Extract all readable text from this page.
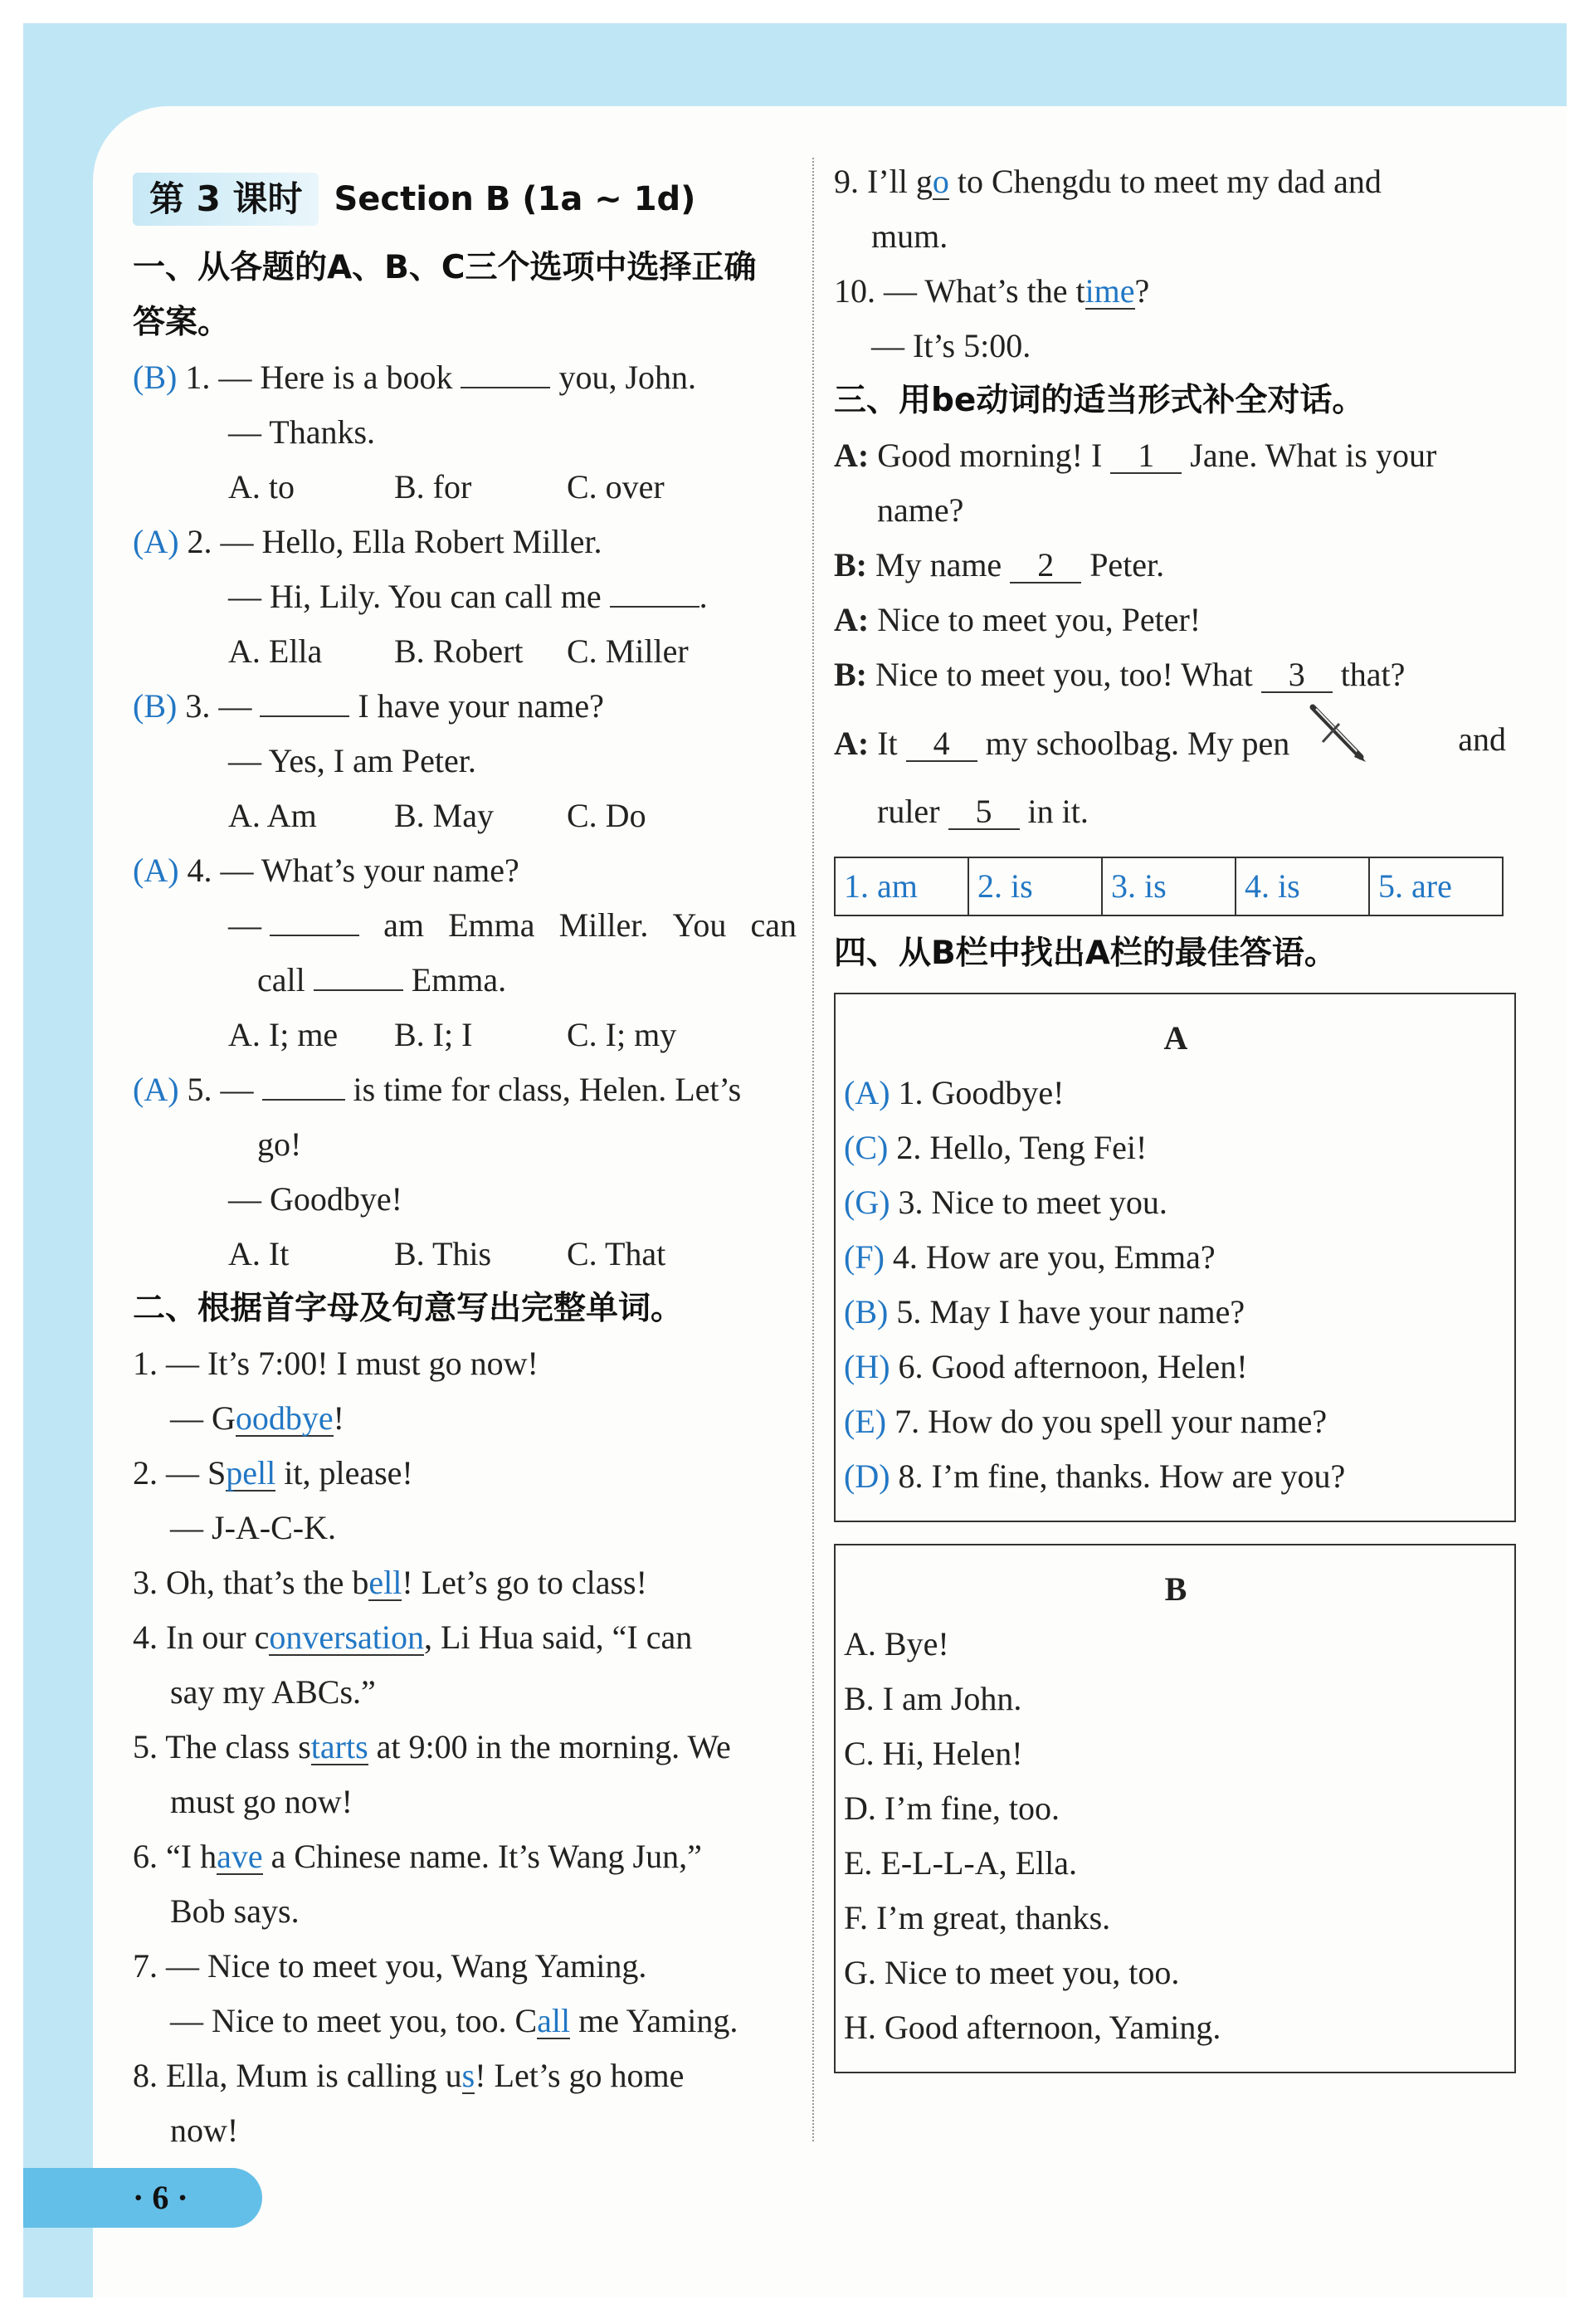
第 3 课时 Section B (1a ~ 1d)
一、从各题的A、B、C三个选项中选择正确
答案。
(B) 1. — Here is a book	you, John.
— Thanks.
A. to	B. for	C. over
(A) 2. — Hello, Ella Robert Miller.
— Hi, Lily. You can call me	.
A. Ella B. Robert C. Miller
(B) 3. —	I have your name?
— Yes, I am Peter.
A. Am B. May C. Do
(A) 4. — What’s your name?
—	am Emma Miller. You can
call	Emma.
A. I; me B. I; I	C. I; my
(A) 5. —	is time for class, Helen. Let’s
go!
— Goodbye!
A. It	B. This C. That
二、根据首字母及句意写出完整单词。
1. — It’s 7:00! I must go now!
— Goodbye!
2. — Spell it, please!
— J-A-C-K.
3. Oh, that’s the bell! Let’s go to class!
4. In our conversation, Li Hua said, “I can
say my ABCs.”
5. The class starts at 9:00 in the morning. We
must go now!
6. “I have a Chinese name. It’s Wang Jun,”
Bob says.
7. — Nice to meet you, Wang Yaming.
— Nice to meet you, too. Call me Yaming.
8. Ella, Mum is calling us! Let’s go home
now!
9. I’ll go to Chengdu to meet my dad and
mum.
10. — What’s the time?
— It’s 5:00.
三、用be动词的适当形式补全对话。
A: Good morning! I 1 Jane. What is your
name?
B: My name 2 Peter.
A: Nice to meet you, Peter!
B: Nice to meet you, too! What 3 that?
A: It 4 my schoolbag. My pen	and
ruler 5 in it.
1. am	2. is	3. is	4. is	5. are
四、从B栏中找出A栏的最佳答语。
A
(A) 1. Goodbye!
(C) 2. Hello, Teng Fei!
(G) 3. Nice to meet you.
(F) 4. How are you, Emma?
(B) 5. May I have your name?
(H) 6. Good afternoon, Helen!
(E) 7. How do you spell your name?
(D) 8. I’m fine, thanks. How are you?
B
A. Bye!
B. I am John.
C. Hi, Helen!
D. I’m fine, too.
E. E-L-L-A, Ella.
F. I’m great, thanks.
G. Nice to meet you, too.
H. Good afternoon, Yaming.
· 6 ·
